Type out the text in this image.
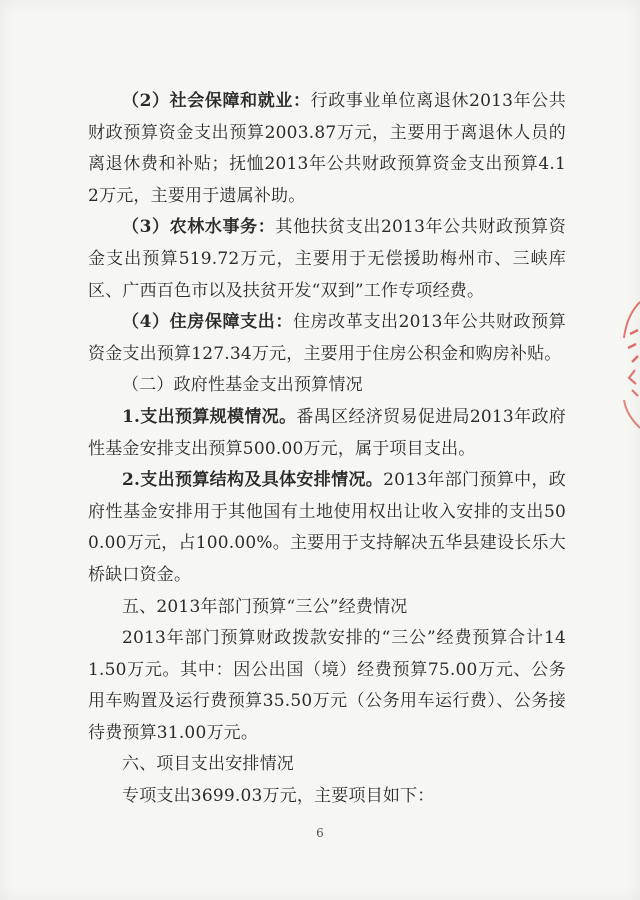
（2）社会保障和就业：行政事业单位离退休2013年公共财政预算资金支出预算2003.87万元，主要用于离退休人员的离退休费和补贴；抚恤2013年公共财政预算资金支出预算4.12万元，主要用于遗属补助。

（3）农林水事务：其他扶贫支出2013年公共财政预算资金支出预算519.72万元，主要用于无偿援助梅州市、三峡库区、广西百色市以及扶贫开发“双到”工作专项经费。

（4）住房保障支出：住房改革支出2013年公共财政预算资金支出预算127.34万元，主要用于住房公积金和购房补贴。

（二）政府性基金支出预算情况

1.支出预算规模情况。番禺区经济贸易促进局2013年政府性基金安排支出预算500.00万元，属于项目支出。

2.支出预算结构及具体安排情况。2013年部门预算中，政府性基金安排用于其他国有土地使用权出让收入安排的支出500.00万元，占100.00%。主要用于支持解决五华县建设长乐大桥缺口资金。

五、2013年部门预算“三公”经费情况

2013年部门预算财政拨款安排的“三公”经费预算合计141.50万元。其中：因公出国（境）经费预算75.00万元、公务用车购置及运行费预算35.50万元（公务用车运行费）、公务接待费预算31.00万元。

六、项目支出安排情况

专项支出3699.03万元，主要项目如下：

6
